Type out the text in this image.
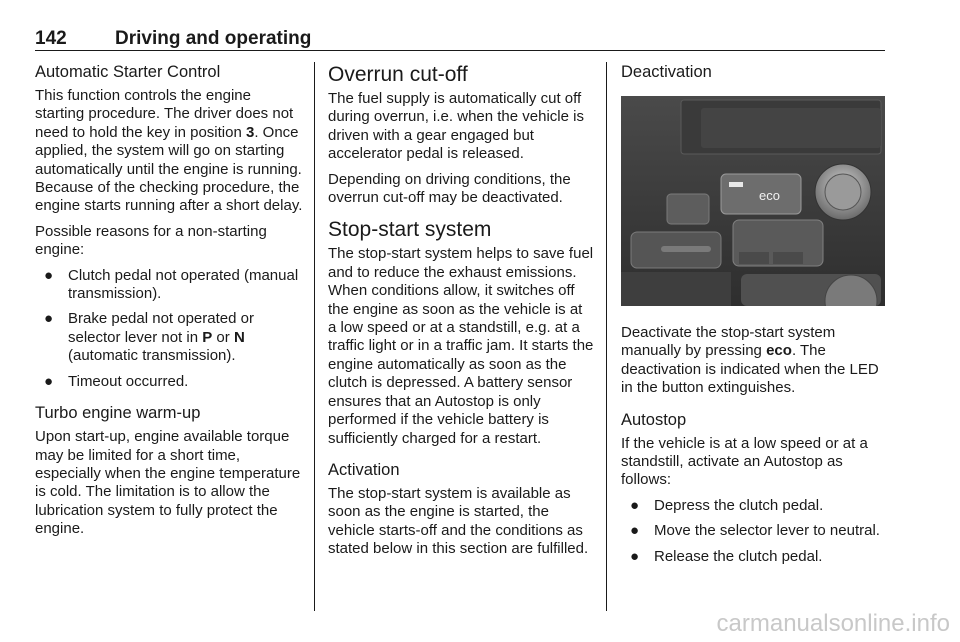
142	Driving and operating
Automatic Starter Control

This function controls the engine starting procedure. The driver does not need to hold the key in position 3. Once applied, the system will go on starting automatically until the engine is running. Because of the checking procedure, the engine starts running after a short delay.

Possible reasons for a non-starting engine:

● Clutch pedal not operated (manual transmission).
● Brake pedal not operated or selector lever not in P or N (automatic transmission).
● Timeout occurred.
Turbo engine warm-up

Upon start-up, engine available torque may be limited for a short time, especially when the engine temperature is cold. The limitation is to allow the lubrication system to fully protect the engine.

Overrun cut-off

The fuel supply is automatically cut off during overrun, i.e. when the vehicle is driven with a gear engaged but accelerator pedal is released.

Depending on driving conditions, the overrun cut-off may be deactivated.

Stop-start system

The stop-start system helps to save fuel and to reduce the exhaust emissions. When conditions allow, it switches off the engine as soon as the vehicle is at a low speed or at a standstill, e.g. at a traffic light or in a traffic jam. It starts the engine automatically as soon as the clutch is depressed. A battery sensor ensures that an Autostop is only performed if the vehicle battery is sufficiently charged for a restart.

Activation

The stop-start system is available as soon as the engine is started, the vehicle starts-off and the conditions as stated below in this section are fulfilled.

Deactivation
eco

Deactivate the stop-start system manually by pressing eco. The deactivation is indicated when the LED in the button extinguishes.

Autostop

If the vehicle is at a low speed or at a standstill, activate an Autostop as follows:

● Depress the clutch pedal.
● Move the selector lever to neutral.
● Release the clutch pedal.
carmanualsonline.info
